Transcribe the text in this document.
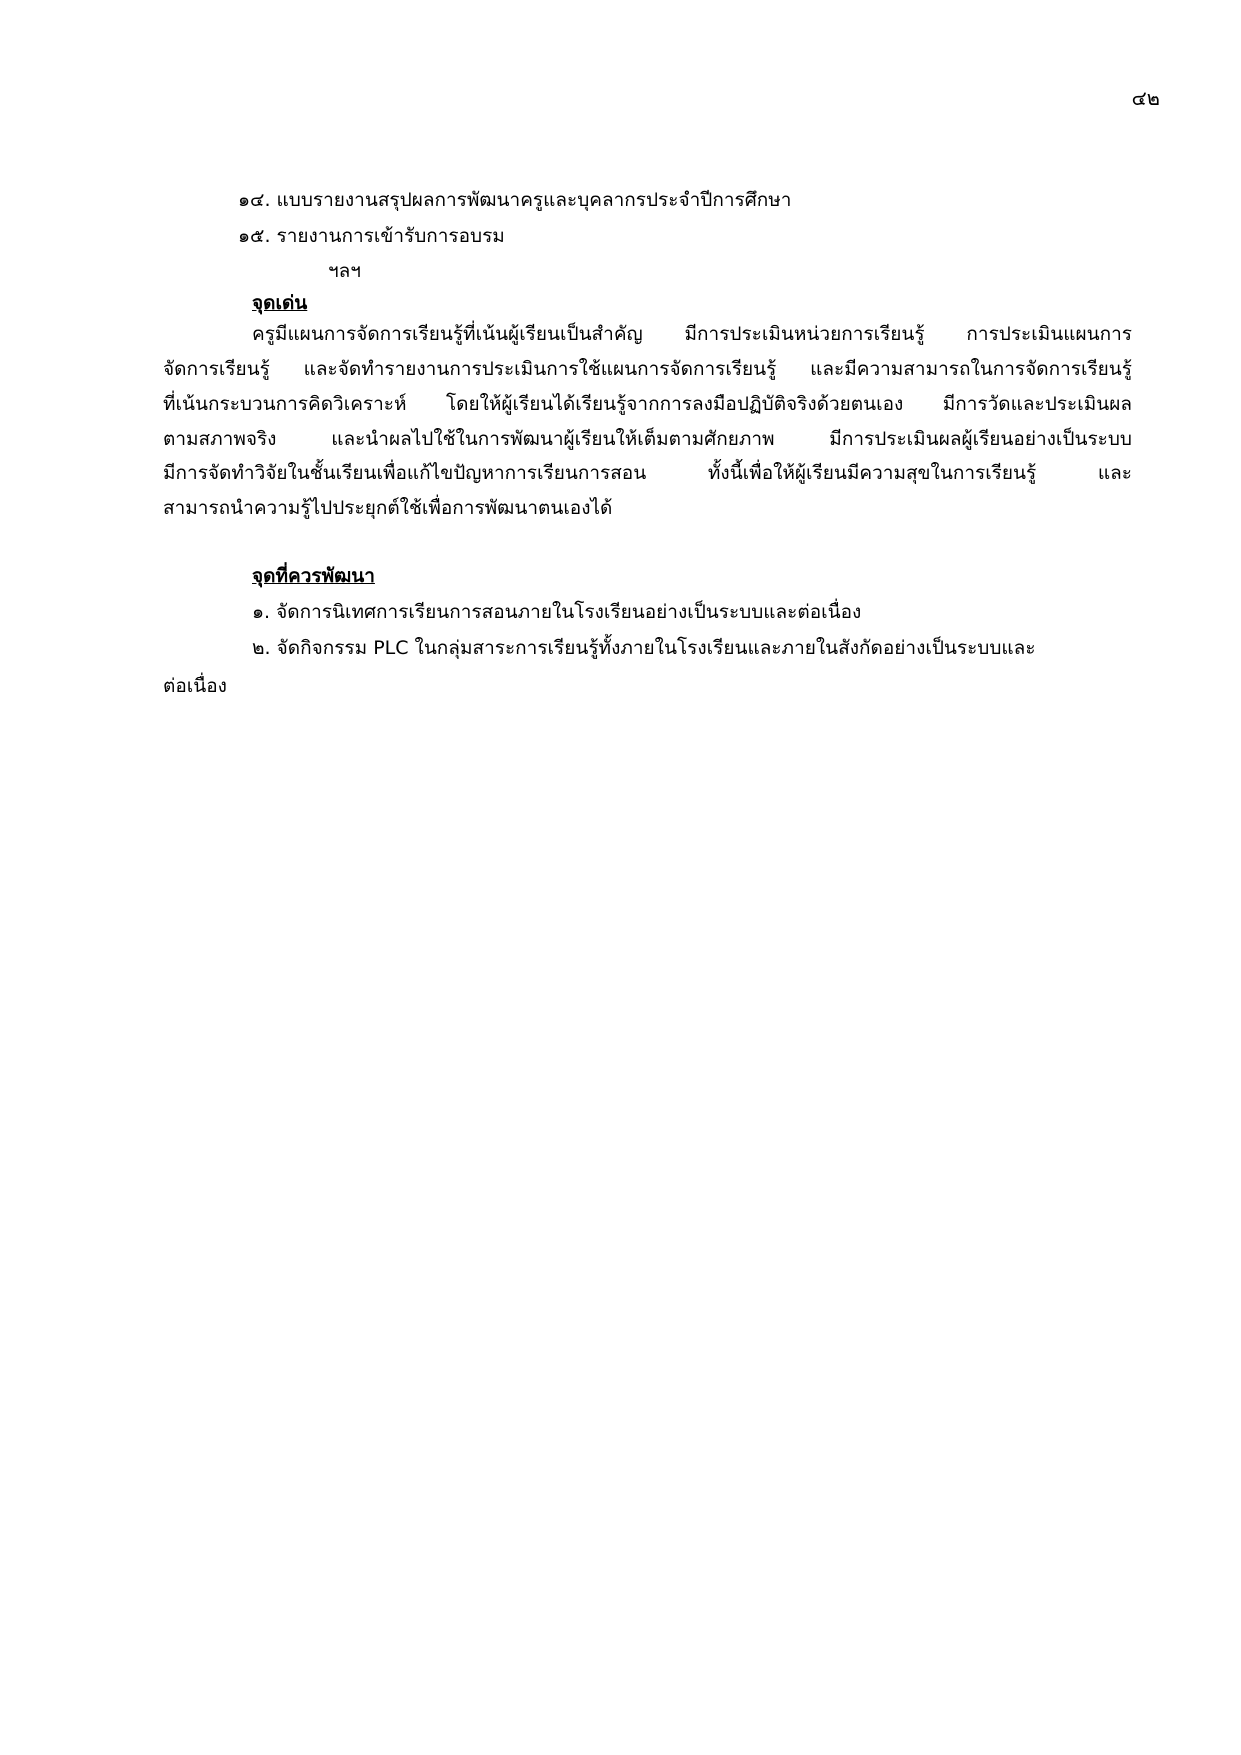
๔๒
๑๔. แบบรายงานสรุปผลการพัฒนาครูและบุคลากรประจำปีการศึกษา
๑๕. รายงานการเข้ารับการอบรม
ฯลฯ
จุดเด่น
ครูมีแผนการจัดการเรียนรู้ที่เน้นผู้เรียนเป็นสำคัญ มีการประเมินหน่วยการเรียนรู้ การประเมินแผนการ
จัดการเรียนรู้ และจัดทำรายงานการประเมินการใช้แผนการจัดการเรียนรู้ และมีความสามารถในการจัดการเรียนรู้
ที่เน้นกระบวนการคิดวิเคราะห์ โดยให้ผู้เรียนได้เรียนรู้จากการลงมือปฏิบัติจริงด้วยตนเอง มีการวัดและประเมินผล
ตามสภาพจริง และนำผลไปใช้ในการพัฒนาผู้เรียนให้เต็มตามศักยภาพ มีการประเมินผลผู้เรียนอย่างเป็นระบบ
มีการจัดทำวิจัยในชั้นเรียนเพื่อแก้ไขปัญหาการเรียนการสอน ทั้งนี้เพื่อให้ผู้เรียนมีความสุขในการเรียนรู้ และ
สามารถนำความรู้ไปประยุกต์ใช้เพื่อการพัฒนาตนเองได้
จุดที่ควรพัฒนา
๑. จัดการนิเทศการเรียนการสอนภายในโรงเรียนอย่างเป็นระบบและต่อเนื่อง
๒. จัดกิจกรรม PLC ในกลุ่มสาระการเรียนรู้ทั้งภายในโรงเรียนและภายในสังกัดอย่างเป็นระบบและ
ต่อเนื่อง
